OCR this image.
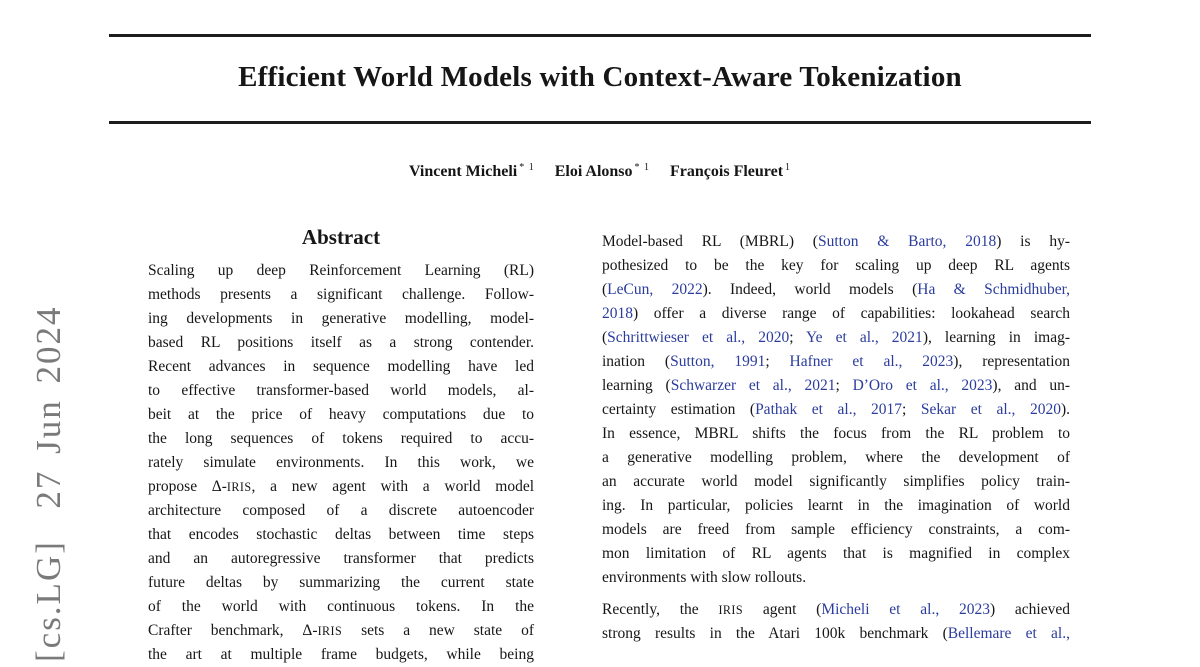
[cs.LG]  27 Jun 2024
Efficient World Models with Context-Aware Tokenization
Vincent Micheli $^{* 1}$ Eloi Alonso $^{* 1}$ François Fleuret $^1$
Abstract
Scaling up deep Reinforcement Learning (RL)
methods presents a significant challenge. Follow-
ing developments in generative modelling, model-
based RL positions itself as a strong contender.
Recent advances in sequence modelling have led
to effective transformer-based world models, al-
beit at the price of heavy computations due to
the long sequences of tokens required to accu-
rately simulate environments. In this work, we
propose Δ-IRIS, a new agent with a world model
architecture composed of a discrete autoencoder
that encodes stochastic deltas between time steps
and an autoregressive transformer that predicts
future deltas by summarizing the current state
of the world with continuous tokens. In the
Crafter benchmark, Δ-IRIS sets a new state of
the art at multiple frame budgets, while being
Model-based RL (MBRL) (Sutton & Barto, 2018) is hy-
pothesized to be the key for scaling up deep RL agents
(LeCun, 2022). Indeed, world models (Ha & Schmidhuber,
2018) offer a diverse range of capabilities: lookahead search
(Schrittwieser et al., 2020; Ye et al., 2021), learning in imag-
ination (Sutton, 1991; Hafner et al., 2023), representation
learning (Schwarzer et al., 2021; D’Oro et al., 2023), and un-
certainty estimation (Pathak et al., 2017; Sekar et al., 2020).
In essence, MBRL shifts the focus from the RL problem to
a generative modelling problem, where the development of
an accurate world model significantly simplifies policy train-
ing. In particular, policies learnt in the imagination of world
models are freed from sample efficiency constraints, a com-
mon limitation of RL agents that is magnified in complex
environments with slow rollouts.
Recently, the IRIS agent (Micheli et al., 2023) achieved
strong results in the Atari 100k benchmark (Bellemare et al.,
